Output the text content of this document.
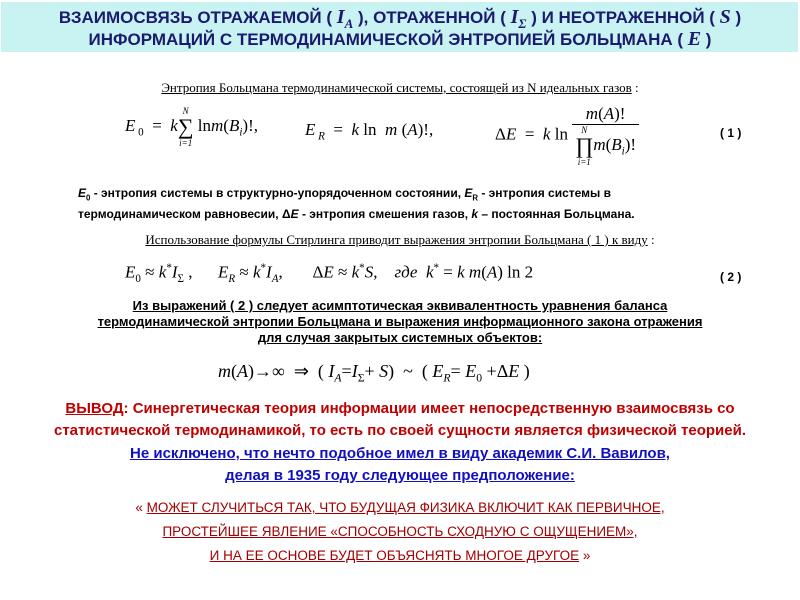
ВЗАИМОСВЯЗЬ ОТРАЖАЕМОЙ ( $I_A$ ), ОТРАЖЕННОЙ ( $I_\Sigma$ ) И НЕОТРАЖЕННОЙ ( S )
ИНФОРМАЦИЙ С ТЕРМОДИНАМИЧЕСКОЙ ЭНТРОПИЕЙ БОЛЬЦМАНА ( E )
Энтропия Больцмана термодинамической системы, состоящей из N идеальных газов :
E $_0$  =  k
N
∑
i=1
$\ln m(B_i)$!,	E $_R$  =  k ln  m (A)!,	ΔE  =  k ln m(A)!
N
∏
i=1
$m(B_i)$!	( 1 )
$E_0$ - энтропия системы в структурно-упорядоченном состоянии, $E_R$ - энтропия системы в
термодинамическом равновесии, ΔE - энтропия смешения газов, k – постоянная Больцмана.
Использование формулы Стирлинга приводит выражения энтропии Больцмана ( 1 ) к виду :
$E_0 \approx k^*I_\Sigma$ ,      $E_R \approx k^*I_A$,       ΔE ≈ k*S,    где k* = k m(A) ln 2	( 2 )
Из выражений ( 2 ) следует асимптотическая эквивалентность уравнения баланса
термодинамической энтропии Больцмана и выражения информационного закона отражения
для случая закрытых системных объектов:
m(A)→∞  ⇒  ( $I_A=I_\Sigma+ S$)  ~  ( $E_R= E_0 +\Delta E$ )
ВЫВОД: Синергетическая теория информации имеет непосредственную взаимосвязь со
статистической термодинамикой, то есть по своей сущности является физической теорией.
Не исключено, что нечто подобное имел в виду академик С.И. Вавилов,
делая в 1935 году следующее предположение:
« МОЖЕТ СЛУЧИТЬСЯ ТАК, ЧТО БУДУЩАЯ ФИЗИКА ВКЛЮЧИТ КАК ПЕРВИЧНОЕ,
ПРОСТЕЙШЕЕ ЯВЛЕНИЕ «СПОСОБНОСТЬ СХОДНУЮ С ОЩУЩЕНИЕМ»,
И НА ЕЕ ОСНОВЕ БУДЕТ ОБЪЯСНЯТЬ МНОГОЕ ДРУГОЕ »
